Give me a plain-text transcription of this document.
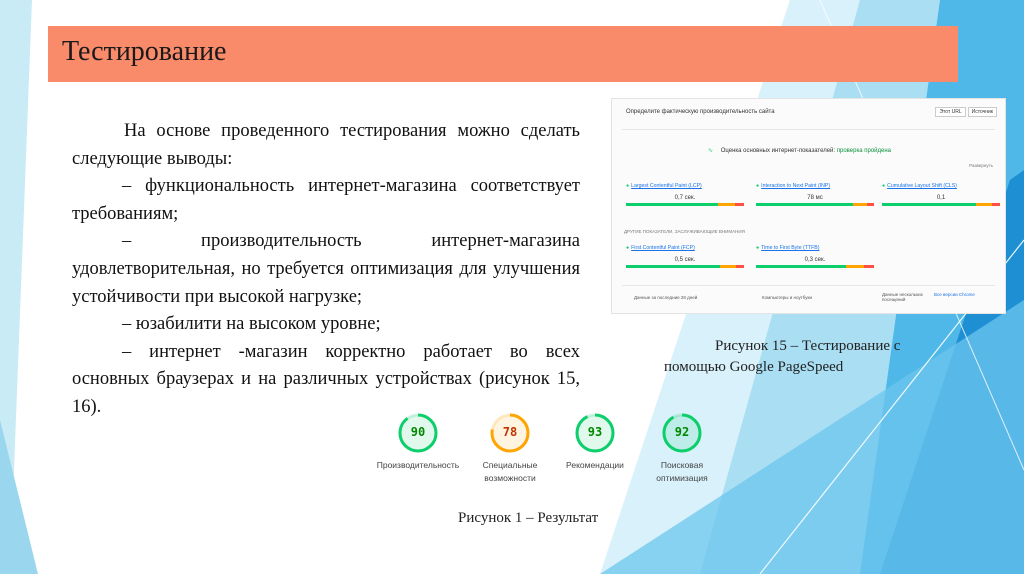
Тестирование

На основе проведенного тестирования можно сделать следующие выводы:

– функциональность интернет-магазина соответствует требованиям;

– производительность интернет-магазина удовлетворительная, но требуется оптимизация для улучшения устойчивости при высокой нагрузке;

– юзабилити на высоком уровне;

– интернет -магазин корректно работает во всех основных браузерах и на различных устройствах (рисунок 15, 16).

Определите фактическую производительность сайта	Этот URL	Источник
∿ Оценка основных интернет-показателей: проверка пройдена
Развернуть
● Largest Contentful Paint (LCP)
0,7 сек.
● Interaction to Next Paint (INP)
78 мс
● Cumulative Layout Shift (CLS)
0,1
ДРУГИЕ ПОКАЗАТЕЛИ, ЗАСЛУЖИВАЮЩИЕ ВНИМАНИЯ
● First Contentful Paint (FCP)
0,5 сек.
● Time to First Byte (TTFB)
0,3 сек.
Данные за последние 28 дней	Компьютеры и ноутбуки
Данные нескольких посещений
Все версии Chrome
Рисунок 15 – Тестирование с
помощью Google PageSpeed
90
Производительность
78
Специальные возможности
93
Рекомендации
92
Поисковая оптимизация
Рисунок 1 – Результат
